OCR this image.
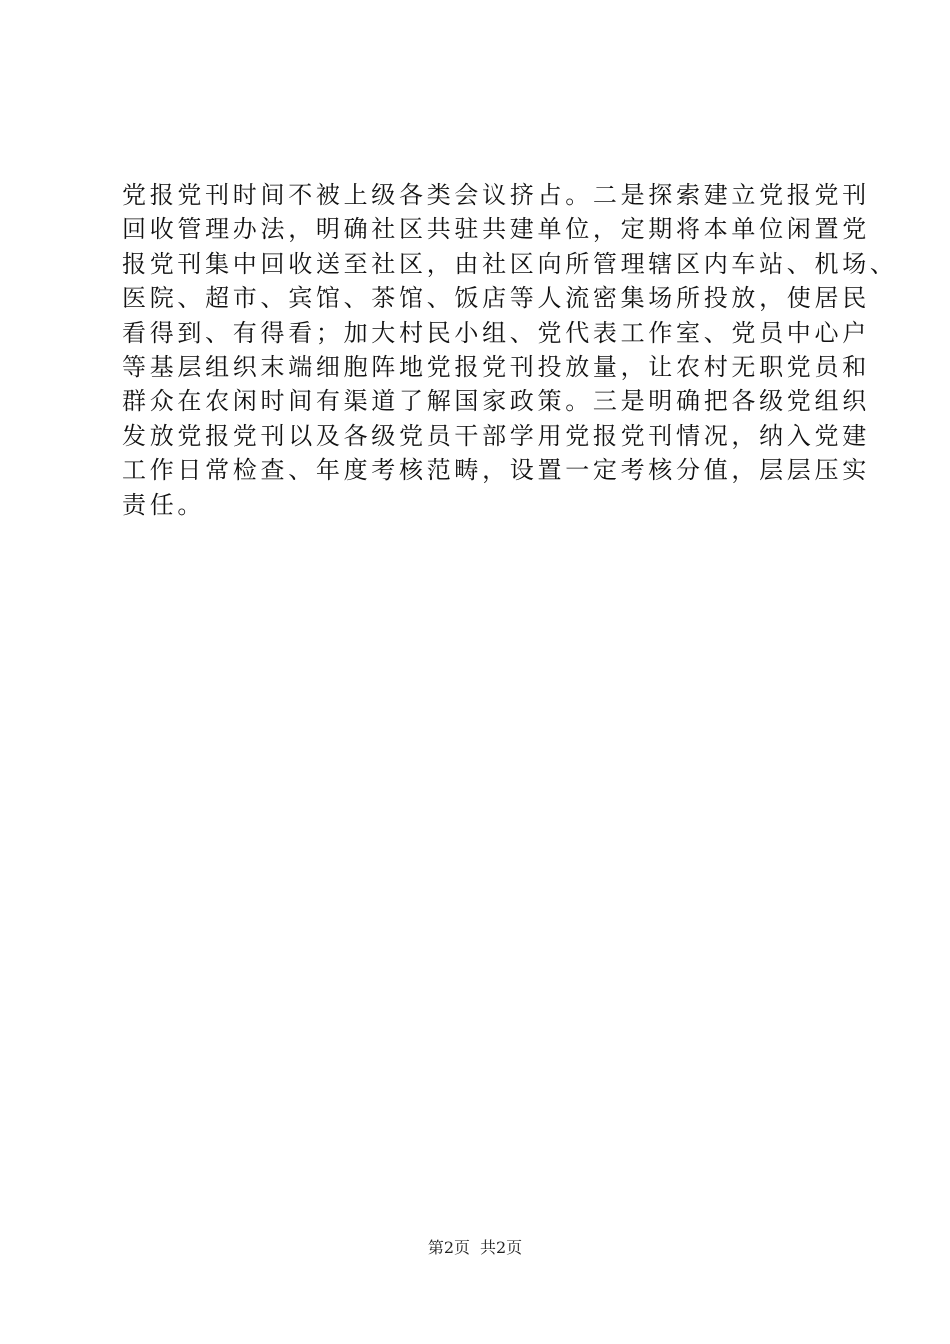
党报党刊时间不被上级各类会议挤占。二是探索建立党报党刊
回收管理办法，明确社区共驻共建单位，定期将本单位闲置党
报党刊集中回收送至社区，由社区向所管理辖区内车站、机场、
医院、超市、宾馆、茶馆、饭店等人流密集场所投放，使居民
看得到、有得看；加大村民小组、党代表工作室、党员中心户
等基层组织末端细胞阵地党报党刊投放量，让农村无职党员和
群众在农闲时间有渠道了解国家政策。三是明确把各级党组织
发放党报党刊以及各级党员干部学用党报党刊情况，纳入党建
工作日常检查、年度考核范畴，设置一定考核分值，层层压实
责任。
第2页 共2页
